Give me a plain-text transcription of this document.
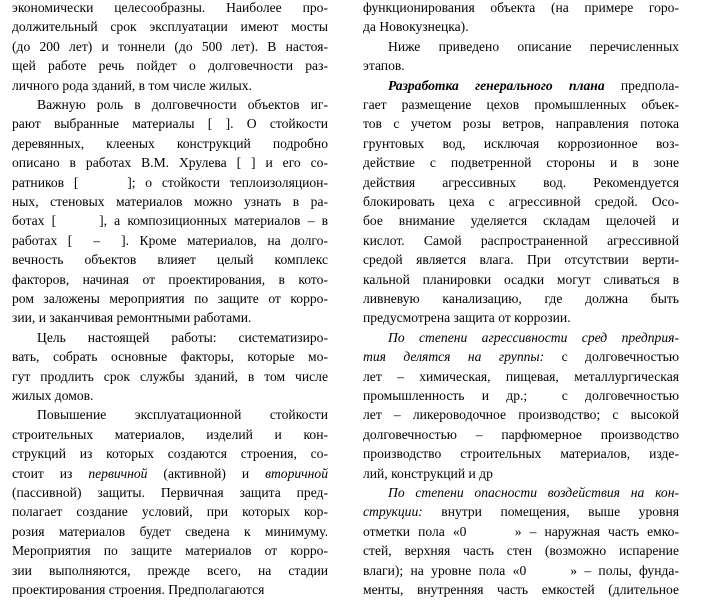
экономически целесообразны. Наиболее про-
должительный срок эксплуатации имеют мосты
(до 200 лет) и тоннели (до 500 лет). В настоя-
щей работе речь пойдет о долговечности раз-
личного рода зданий, в том числе жилых.
Важную роль в долговечности объектов иг-
рают выбранные материалы [ ]. О стойкости
деревянных, клееных конструкций подробно
описано в работах В.М. Хрулева [ ] и его со-
ратников [     ]; о стойкости теплоизоляцион-
ных, стеновых материалов можно узнать в ра-
ботах [      ], а композиционных материалов – в
работах [  –  ]. Кроме материалов, на долго-
вечность объектов влияет целый комплекс
факторов, начиная от проектирования, в кото-
ром заложены мероприятия по защите от корро-
зии, и заканчивая ремонтными работами.
Цель настоящей работы: систематизиро-
вать, собрать основные факторы, которые мо-
гут продлить срок службы зданий, в том числе
жилых домов.
Повышение эксплуатационной стойкости
строительных материалов, изделий и кон-
струкций из которых создаются строения, со-
стоит из первичной (активной) и вторичной
(пассивной) защиты. Первичная защита пред-
полагает создание условий, при которых кор-
розия материалов будет сведена к минимуму.
Мероприятия по защите материалов от корро-
зии выполняются, прежде всего, на стадии
проектирования строения. Предполагаются
функционирования объекта (на примере горо-
да Новокузнецка).
Ниже приведено описание перечисленных
этапов.
Разработка генерального плана предпола-
гает размещение цехов промышленных объек-
тов с учетом розы ветров, направления потока
грунтовых вод, исключая коррозионное воз-
действие с подветренной стороны и в зоне
действия агрессивных вод. Рекомендуется
блокировать цеха с агрессивной средой. Осо-
бое внимание уделяется складам щелочей и
кислот. Самой распространенной агрессивной
средой является влага. При отсутствии верти-
кальной планировки осадки могут сливаться в
ливневую канализацию, где должна быть
предусмотрена защита от коррозии.
По степени агрессивности сред предприя-
тия делятся на группы: с долговечностью
лет – химическая, пищевая, металлургическая
промышленность и др.;  с долговечностью
лет – ликероводочное производство; с высокой
долговечностью – парфюмерное производство
производство строительных материалов, изде-
лий, конструкций и др
По степени опасности воздействия на кон-
струкции: внутри помещения, выше уровня
отметки пола «0      » – наружная часть емко-
стей, верхняя часть стен (возможно испарение
влаги); на уровне пола «0      » – полы, фунда-
менты, внутренняя часть емкостей (длительное
